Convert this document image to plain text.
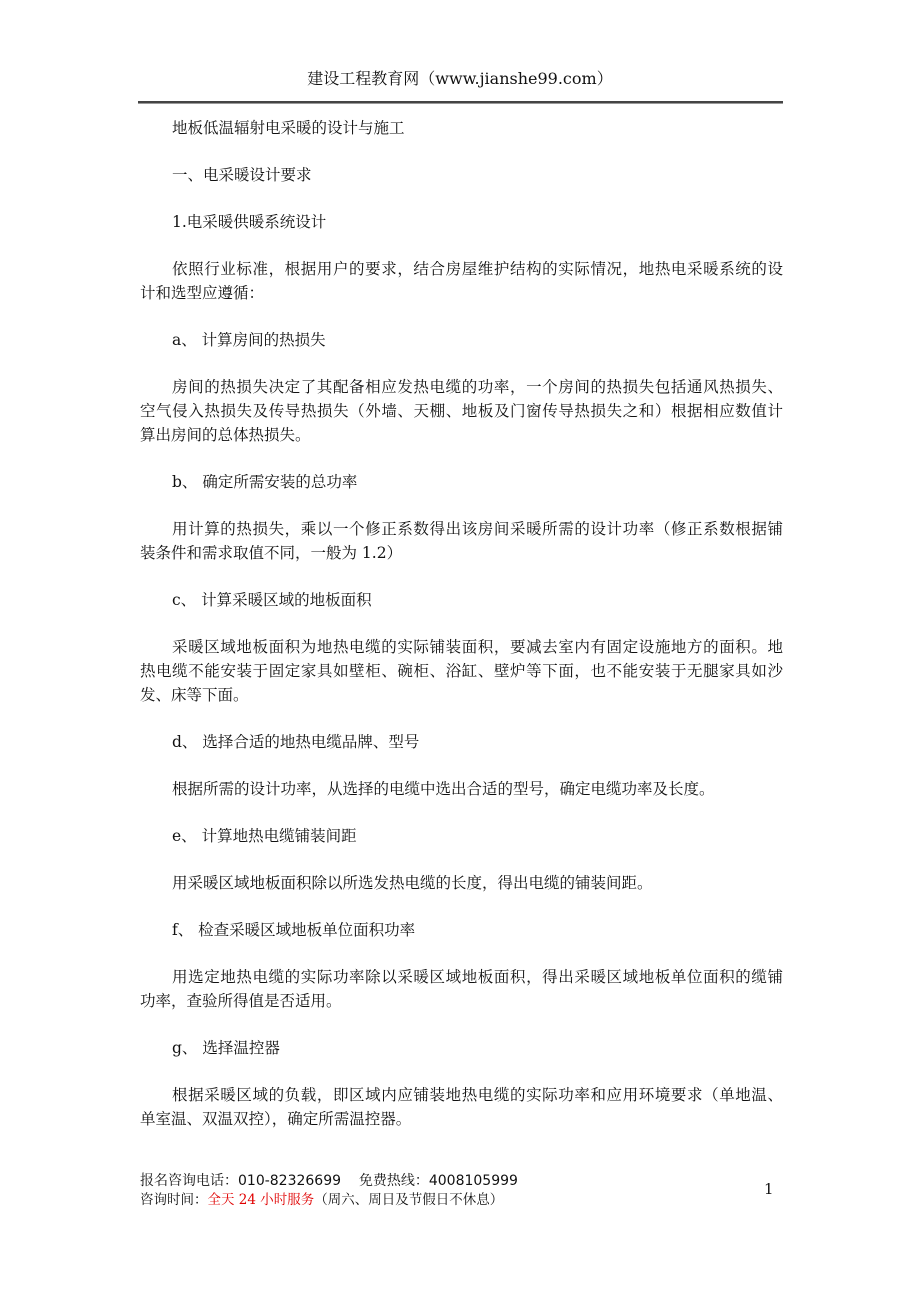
建设工程教育网（www.jianshe99.com）
地板低温辐射电采暖的设计与施工
一、电采暖设计要求
1.电采暖供暖系统设计
依照行业标准，根据用户的要求，结合房屋维护结构的实际情况，地热电采暖系统的设
计和选型应遵循：
a、 计算房间的热损失
房间的热损失决定了其配备相应发热电缆的功率，一个房间的热损失包括通风热损失、
空气侵入热损失及传导热损失（外墙、天棚、地板及门窗传导热损失之和）根据相应数值计
算出房间的总体热损失。
b、 确定所需安装的总功率
用计算的热损失，乘以一个修正系数得出该房间采暖所需的设计功率（修正系数根据铺
装条件和需求取值不同，一般为 1.2）
c、 计算采暖区域的地板面积
采暖区域地板面积为地热电缆的实际铺装面积，要减去室内有固定设施地方的面积。地
热电缆不能安装于固定家具如壁柜、碗柜、浴缸、壁炉等下面，也不能安装于无腿家具如沙
发、床等下面。
d、 选择合适的地热电缆品牌、型号
根据所需的设计功率，从选择的电缆中选出合适的型号，确定电缆功率及长度。
e、 计算地热电缆铺装间距
用采暖区域地板面积除以所选发热电缆的长度，得出电缆的铺装间距。
f、 检查采暖区域地板单位面积功率
用选定地热电缆的实际功率除以采暖区域地板面积，得出采暖区域地板单位面积的缆铺
功率，查验所得值是否适用。
g、 选择温控器
根据采暖区域的负载，即区域内应铺装地热电缆的实际功率和应用环境要求（单地温、
单室温、双温双控），确定所需温控器。
报名咨询电话：010-82326699 免费热线：4008105999
咨询时间：全天 24 小时服务（周六、周日及节假日不休息）
1
